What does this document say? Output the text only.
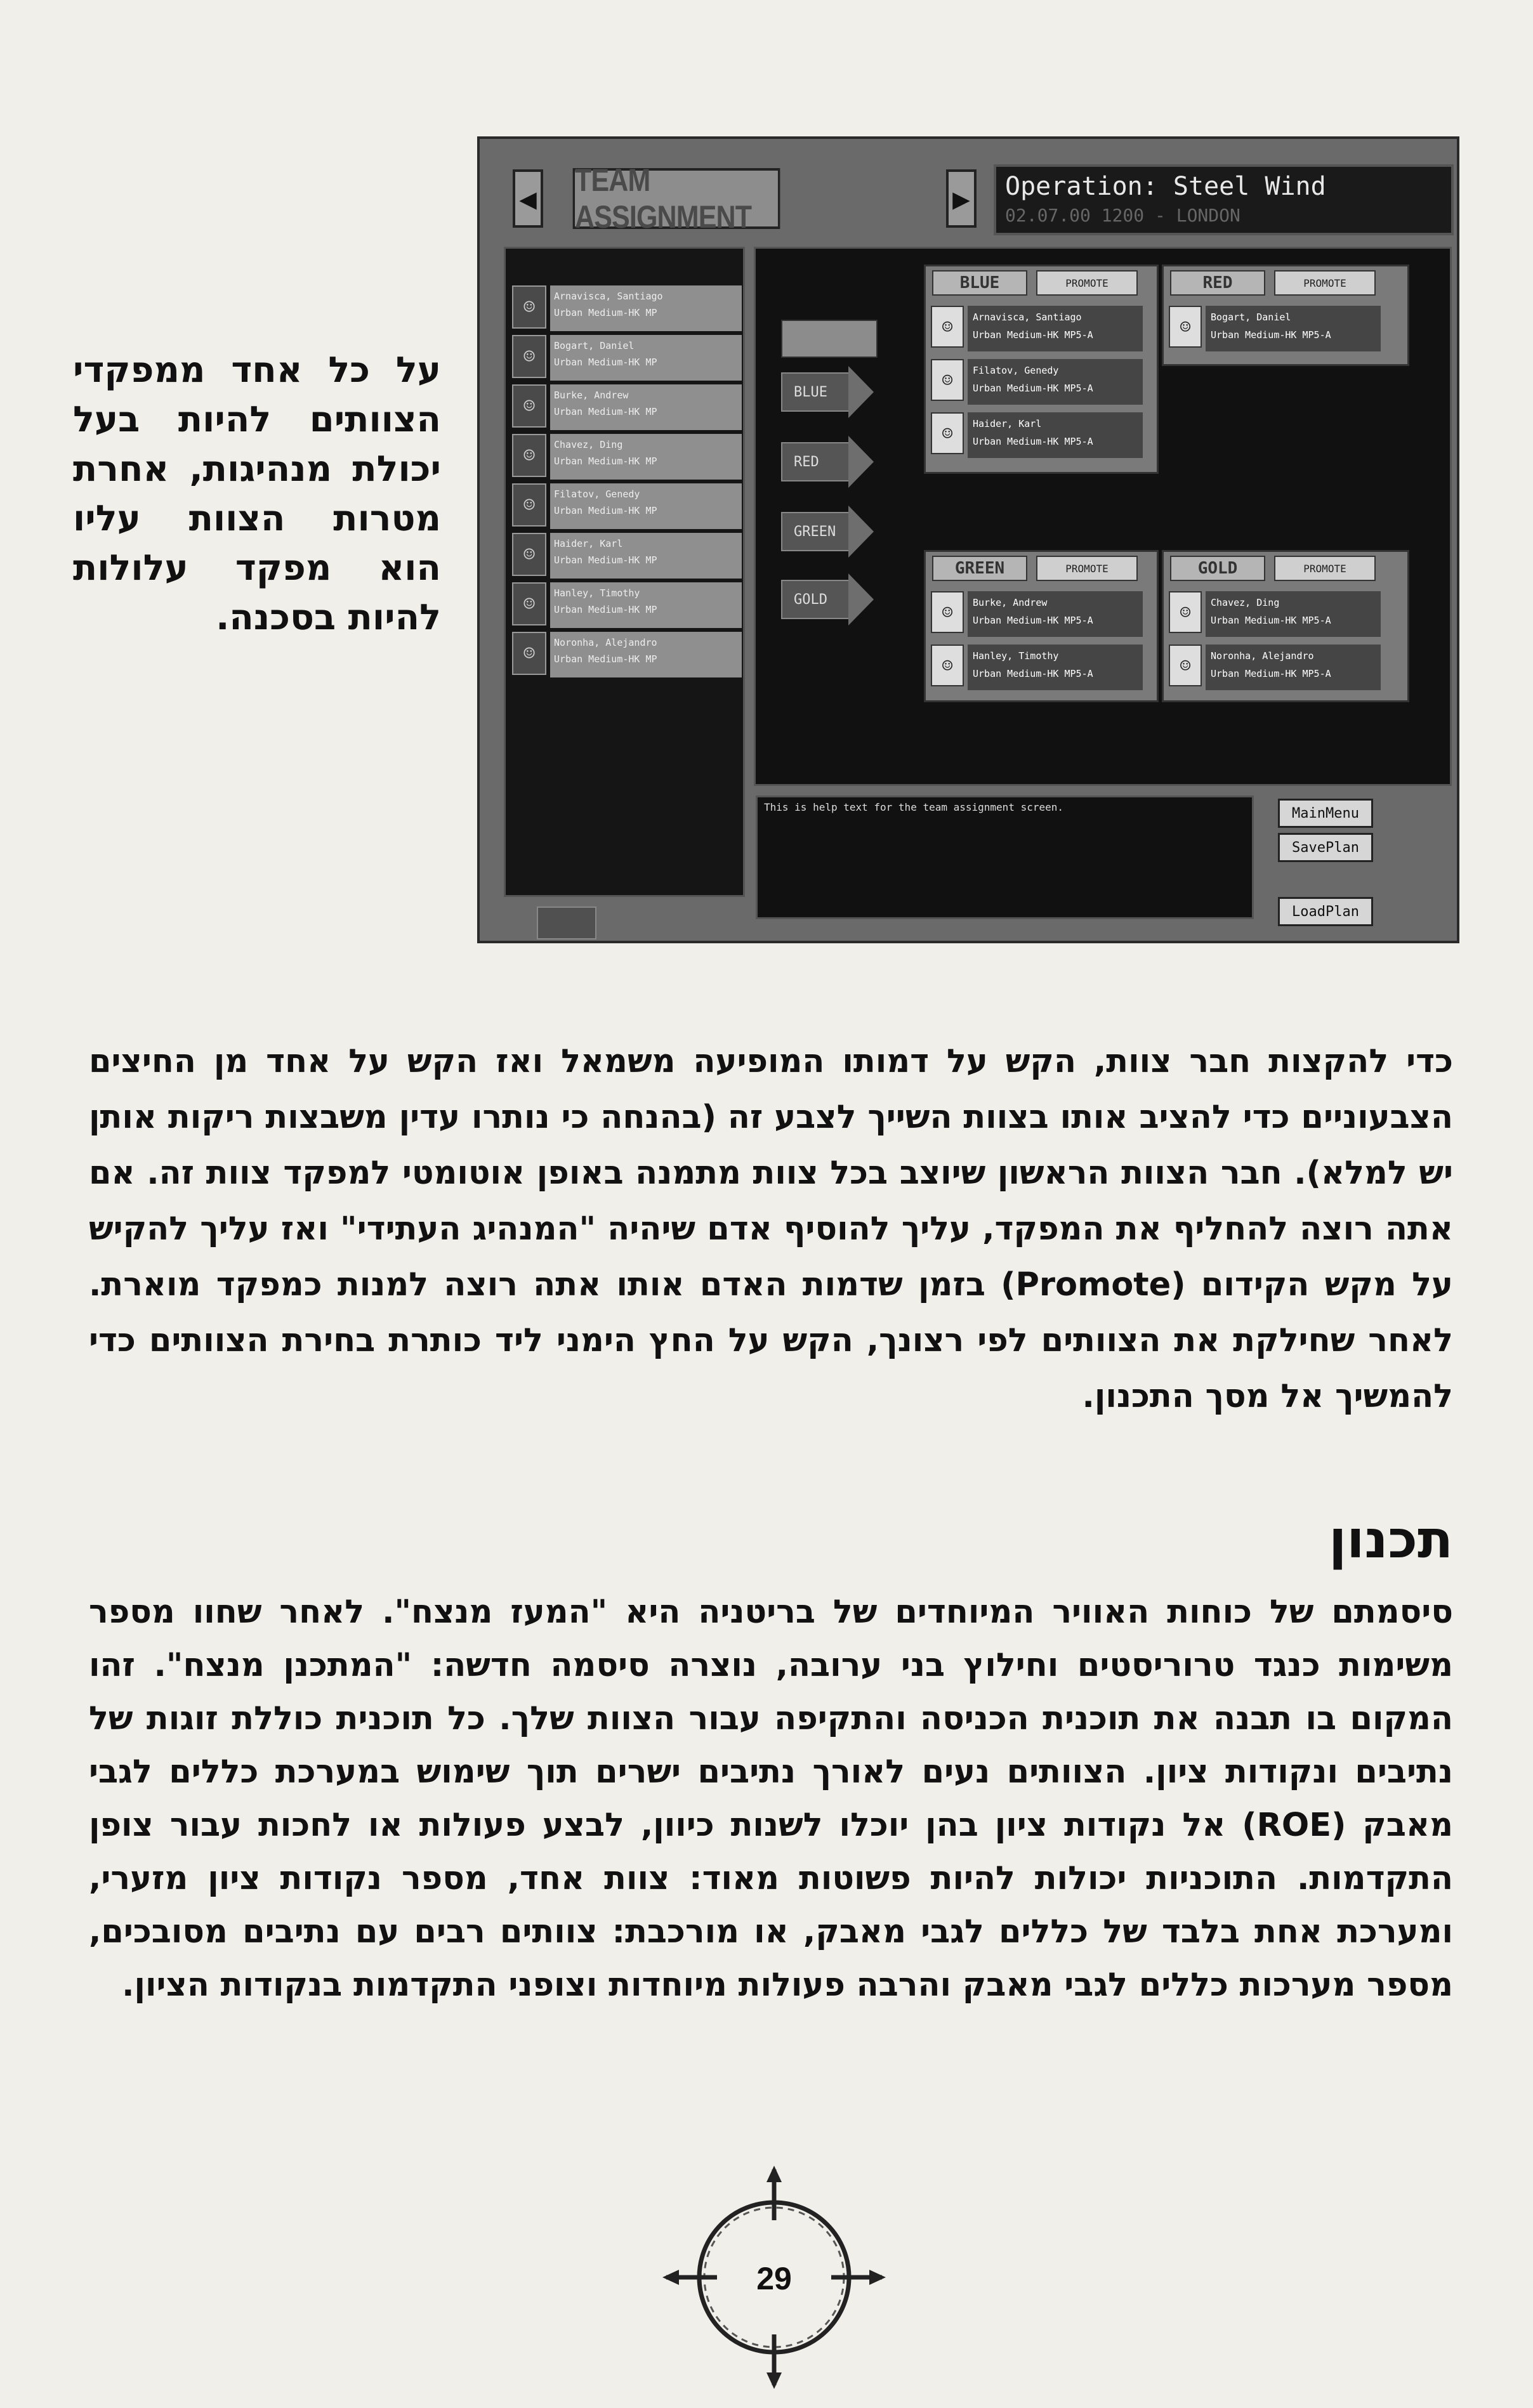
◀
TEAM ASSIGNMENT
▶ Operation: Steel Wind
02.07.00 1200 - LONDON
☺	Arnavisca, Santiago
Urban Medium-HK MP
☺	Bogart, Daniel
Urban Medium-HK MP
☺	Burke, Andrew
Urban Medium-HK MP
☺	Chavez, Ding
Urban Medium-HK MP
☺	Filatov, Genedy
Urban Medium-HK MP
☺	Haider, Karl
Urban Medium-HK MP
☺	Hanley, Timothy
Urban Medium-HK MP
☺	Noronha, Alejandro
Urban Medium-HK MP
BLUE
RED
GREEN
GOLD
BLUE	PROMOTE
☺	Arnavisca, Santiago
Urban Medium-HK MP5-A
☺	Filatov, Genedy
Urban Medium-HK MP5-A
☺	Haider, Karl
Urban Medium-HK MP5-A
RED	PROMOTE
☺	Bogart, Daniel
Urban Medium-HK MP5-A
GREEN	PROMOTE
☺	Burke, Andrew
Urban Medium-HK MP5-A
☺	Hanley, Timothy
Urban Medium-HK MP5-A
GOLD	PROMOTE
☺	Chavez, Ding
Urban Medium-HK MP5-A
☺	Noronha, Alejandro
Urban Medium-HK MP5-A
This is help text for the team assignment screen.	MainMenu
SavePlan
LoadPlan
על כל אחד ממפקדי הצוותים להיות בעל יכולת מנהיגות, אחרת מטרות הצוות עליו הוא מפקד עלולות להיות בסכנה.
כדי להקצות חבר צוות, הקש על דמותו המופיעה משמאל ואז הקש על אחד מן החיצים הצבעוניים כדי להציב אותו בצוות השייך לצבע זה (בהנחה כי נותרו עדין משבצות ריקות אותן יש למלא). חבר הצוות הראשון שיוצב בכל צוות מתמנה באופן אוטומטי למפקד צוות זה. אם אתה רוצה להחליף את המפקד, עליך להוסיף אדם שיהיה "המנהיג העתידי" ואז עליך להקיש על מקש הקידום (Promote) בזמן שדמות האדם אותו אתה רוצה למנות כמפקד מוארת. לאחר שחילקת את הצוותים לפי רצונך, הקש על החץ הימני ליד כותרת בחירת הצוותים כדי להמשיך אל מסך התכנון.
תכנון
סיסמתם של כוחות האוויר המיוחדים של בריטניה היא "המעז מנצח". לאחר שחוו מספר משימות כנגד טרוריסטים וחילוץ בני ערובה, נוצרה סיסמה חדשה: "המתכנן מנצח". זהו המקום בו תבנה את תוכנית הכניסה והתקיפה עבור הצוות שלך. כל תוכנית כוללת זוגות של נתיבים ונקודות ציון. הצוותים נעים לאורך נתיבים ישרים תוך שימוש במערכת כללים לגבי מאבק (ROE) אל נקודות ציון בהן יוכלו לשנות כיוון, לבצע פעולות או לחכות עבור צופן התקדמות. התוכניות יכולות להיות פשוטות מאוד: צוות אחד, מספר נקודות ציון מזערי, ומערכת אחת בלבד של כללים לגבי מאבק, או מורכבת: צוותים רבים עם נתיבים מסובכים, מספר מערכות כללים לגבי מאבק והרבה פעולות מיוחדות וצופני התקדמות בנקודות הציון.
29
